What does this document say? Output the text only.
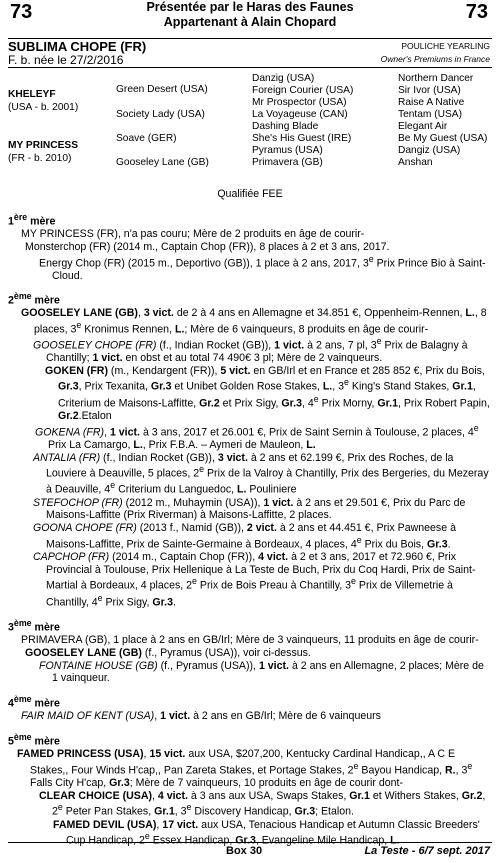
73	73
Présentée par le Haras des Faunes
Appartenant à Alain Chopard
SUBLIMA CHOPE (FR)
F. b. née le 27/2/2016
POULICHE YEARLING
Owner's Premiums in France
KHELEYF
(USA - b. 2001)
MY PRINCESS
(FR - b. 2010)
Green Desert (USA)
Society Lady (USA)
Soave (GER)
Gooseley Lane (GB)
Danzig (USA)
Foreign Courier (USA)
Mr Prospector (USA)
La Voyageuse (CAN)
Dashing Blade
She's His Guest (IRE)
Pyramus (USA)
Primavera (GB)
Northern Dancer
Sir Ivor (USA)
Raise A Native
Tentam (USA)
Elegant Air
Be My Guest (USA)
Dangiz (USA)
Anshan
Qualifiée FEE
1ère mère

MY PRINCESS (FR), n'a pas couru; Mère de 2 produits en âge de courir-

Monsterchop (FR) (2014 m., Captain Chop (FR)), 8 places à 2 et 3 ans, 2017.

Energy Chop (FR) (2015 m., Deportivo (GB)), 1 place à 2 ans, 2017, 3e Prix Prince Bio à Saint-Cloud.

2ème mère

GOOSELEY LANE (GB), 3 vict. de 2 à 4 ans en Allemagne et 34.851 €, Oppenheim-Rennen, L., 8 places, 3e Kronimus Rennen, L.; Mère de 6 vainqueurs, 8 produits en âge de courir-

GOOSELEY CHOPE (FR) (f., Indian Rocket (GB)), 1 vict. à 2 ans, 7 pl, 3e Prix de Balagny à Chantilly; 1 vict. en obst et au total 74 490€ 3 pl; Mère de 2 vainqueurs.

GOKEN (FR) (m., Kendargent (FR)), 5 vict. en GB/Irl et en France et 285 852 €, Prix du Bois, Gr.3, Prix Texanita, Gr.3 et Unibet Golden Rose Stakes, L., 3e King's Stand Stakes, Gr.1, Criterium de Maisons-Laffitte, Gr.2 et Prix Sigy, Gr.3, 4e Prix Morny, Gr.1, Prix Robert Papin, Gr.2.Etalon

GOKENA (FR), 1 vict. à 3 ans, 2017 et 26.001 €, Prix de Saint Sernin à Toulouse, 2 places, 4e Prix La Camargo, L., Prix F.B.A. – Aymeri de Mauleon, L.

ANTALIA (FR) (f., Indian Rocket (GB)), 3 vict. à 2 ans et 62.199 €, Prix des Roches, de la Louviere à Deauville, 5 places, 2e Prix de la Valroy à Chantilly, Prix des Bergeries, du Mezeray à Deauville, 4e Criterium du Languedoc, L. Pouliniere

STEFOCHOP (FR) (2012 m., Muhaymin (USA)), 1 vict. à 2 ans et 29.501 €, Prix du Parc de Maisons-Laffitte (Prix Riverman) à Maisons-Laffitte, 2 places.

GOONA CHOPE (FR) (2013 f., Namid (GB)), 2 vict. à 2 ans et 44.451 €, Prix Pawneese à Maisons-Laffitte, Prix de Sainte-Germaine à Bordeaux, 4 places, 4e Prix du Bois, Gr.3.

CAPCHOP (FR) (2014 m., Captain Chop (FR)), 4 vict. à 2 et 3 ans, 2017 et 72.960 €, Prix Provincial à Toulouse, Prix Hellenique à La Teste de Buch, Prix du Coq Hardi, Prix de Saint-Martial à Bordeaux, 4 places, 2e Prix de Bois Preau à Chantilly, 3e Prix de Villemetrie à Chantilly, 4e Prix Sigy, Gr.3.

3ème mère

PRIMAVERA (GB), 1 place à 2 ans en GB/Irl; Mère de 3 vainqueurs, 11 produits en âge de courir-

GOOSELEY LANE (GB) (f., Pyramus (USA)), voir ci-dessus.

FONTAINE HOUSE (GB) (f., Pyramus (USA)), 1 vict. à 2 ans en Allemagne, 2 places; Mère de 1 vainqueur.

4ème mère

FAIR MAID OF KENT (USA), 1 vict. à 2 ans en GB/Irl; Mère de 6 vainqueurs

5ème mère

FAMED PRINCESS (USA), 15 vict. aux USA, $207,200, Kentucky Cardinal Handicap,, A C E Stakes,, Four Winds H'cap,, Pan Zareta Stakes, et Portage Stakes, 2e Bayou Handicap, R., 3e Falls City H'cap, Gr.3; Mère de 7 vainqueurs, 10 produits en âge de courir dont-

CLEAR CHOICE (USA), 4 vict. à 3 ans aux USA, Swaps Stakes, Gr.1 et Withers Stakes, Gr.2, 2e Peter Pan Stakes, Gr.1, 3e Discovery Handicap, Gr.3; Etalon.

FAMED DEVIL (USA), 17 vict. aux USA, Tenacious Handicap et Autumn Classic Breeders' Cup Handicap, 2e Essex Handicap, Gr.3, Evangeline Mile Handicap, L.

Box 30	La Teste - 6/7 sept. 2017
